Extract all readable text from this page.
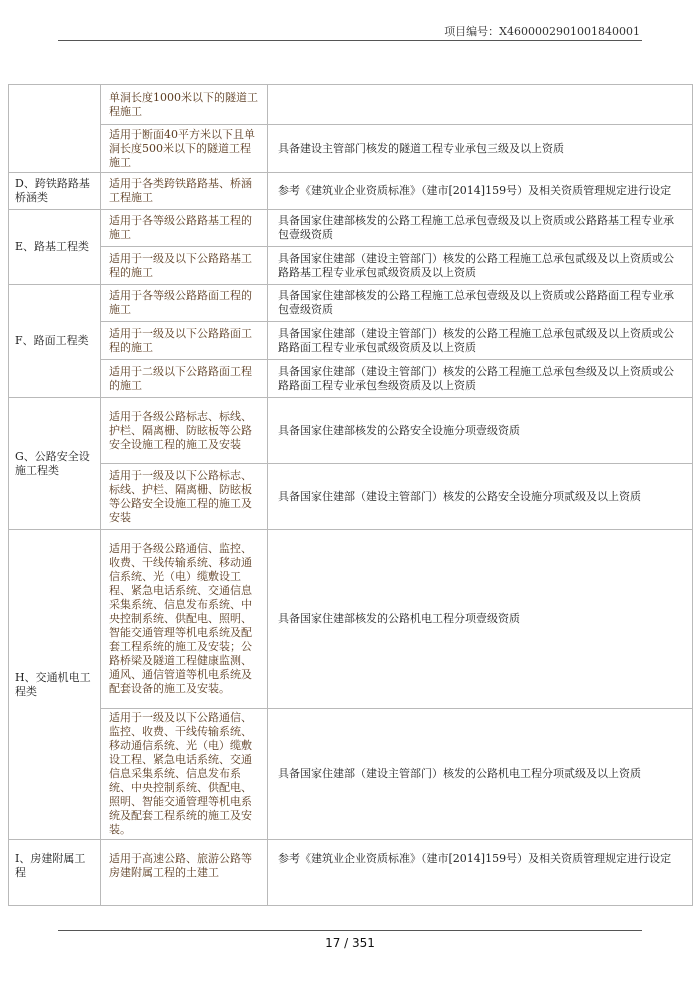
项目编号：X4600002901001840001
	单洞长度1000米以下的隧道工程施工	
	适用于断面40平方米以下且单洞长度500米以下的隧道工程施工	具备建设主管部门核发的隧道工程专业承包三级及以上资质
D、跨铁路路基桥涵类	适用于各类跨铁路路基、桥涵工程施工	参考《建筑业企业资质标准》（建市[2014]159号）及相关资质管理规定进行设定
E、路基工程类	适用于各等级公路路基工程的施工	具备国家住建部核发的公路工程施工总承包壹级及以上资质或公路路基工程专业承包壹级资质
	适用于一级及以下公路路基工程的施工	具备国家住建部（建设主管部门）核发的公路工程施工总承包贰级及以上资质或公路路基工程专业承包贰级资质及以上资质
F、路面工程类	适用于各等级公路路面工程的施工	具备国家住建部核发的公路工程施工总承包壹级及以上资质或公路路面工程专业承包壹级资质
	适用于一级及以下公路路面工程的施工	具备国家住建部（建设主管部门）核发的公路工程施工总承包贰级及以上资质或公路路面工程专业承包贰级资质及以上资质
	适用于二级以下公路路面工程的施工	具备国家住建部（建设主管部门）核发的公路工程施工总承包叁级及以上资质或公路路面工程专业承包叁级资质及以上资质
G、公路安全设施工程类	适用于各级公路标志、标线、护栏、隔离栅、防眩板等公路安全设施工程的施工及安装	具备国家住建部核发的公路安全设施分项壹级资质
	适用于一级及以下公路标志、标线、护栏、隔离栅、防眩板等公路安全设施工程的施工及安装	具备国家住建部（建设主管部门）核发的公路安全设施分项贰级及以上资质
H、交通机电工程类	适用于各级公路通信、监控、收费、干线传输系统、移动通信系统、光（电）缆敷设工程、紧急电话系统、交通信息采集系统、信息发布系统、中央控制系统、供配电、照明、智能交通管理等机电系统及配套工程系统的施工及安装；公路桥梁及隧道工程健康监测、通风、通信管道等机电系统及配套设备的施工及安装。	具备国家住建部核发的公路机电工程分项壹级资质
	适用于一级及以下公路通信、监控、收费、干线传输系统、移动通信系统、光（电）缆敷设工程、紧急电话系统、交通信息采集系统、信息发布系统、中央控制系统、供配电、照明、智能交通管理等机电系统及配套工程系统的施工及安装。	具备国家住建部（建设主管部门）核发的公路机电工程分项贰级及以上资质
I、房建附属工程	适用于高速公路、旅游公路等房建附属工程的土建工	参考《建筑业企业资质标准》（建市[2014]159号）及相关资质管理规定进行设定
17 / 351
